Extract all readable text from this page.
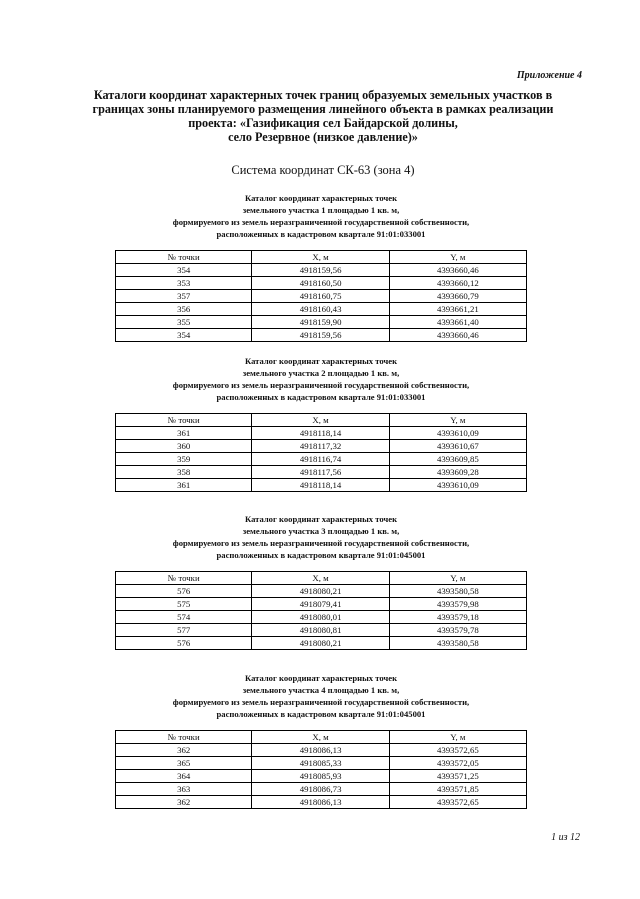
Приложение 4
Каталоги координат характерных точек границ образуемых земельных участков в
границах зоны планируемого размещения линейного объекта в рамках реализации
проекта: «Газификация сел Байдарской долины,
село Резервное (низкое давление)»
Система координат СК-63 (зона 4)
Каталог координат характерных точек
земельного участка 1 площадью 1 кв. м,
формируемого из земель неразграниченной государственной собственности,
расположенных в кадастровом квартале 91:01:033001
№ точки	X, м	Y, м
354	4918159,56	4393660,46
353	4918160,50	4393660,12
357	4918160,75	4393660,79
356	4918160,43	4393661,21
355	4918159,90	4393661,40
354	4918159,56	4393660,46
Каталог координат характерных точек
земельного участка 2 площадью 1 кв. м,
формируемого из земель неразграниченной государственной собственности,
расположенных в кадастровом квартале 91:01:033001
№ точки	X, м	Y, м
361	4918118,14	4393610,09
360	4918117,32	4393610,67
359	4918116,74	4393609,85
358	4918117,56	4393609,28
361	4918118,14	4393610,09
Каталог координат характерных точек
земельного участка 3 площадью 1 кв. м,
формируемого из земель неразграниченной государственной собственности,
расположенных в кадастровом квартале 91:01:045001
№ точки	X, м	Y, м
576	4918080,21	4393580,58
575	4918079,41	4393579,98
574	4918080,01	4393579,18
577	4918080,81	4393579,78
576	4918080,21	4393580,58
Каталог координат характерных точек
земельного участка 4 площадью 1 кв. м,
формируемого из земель неразграниченной государственной собственности,
расположенных в кадастровом квартале 91:01:045001
№ точки	X, м	Y, м
362	4918086,13	4393572,65
365	4918085,33	4393572,05
364	4918085,93	4393571,25
363	4918086,73	4393571,85
362	4918086,13	4393572,65
1 из 12
